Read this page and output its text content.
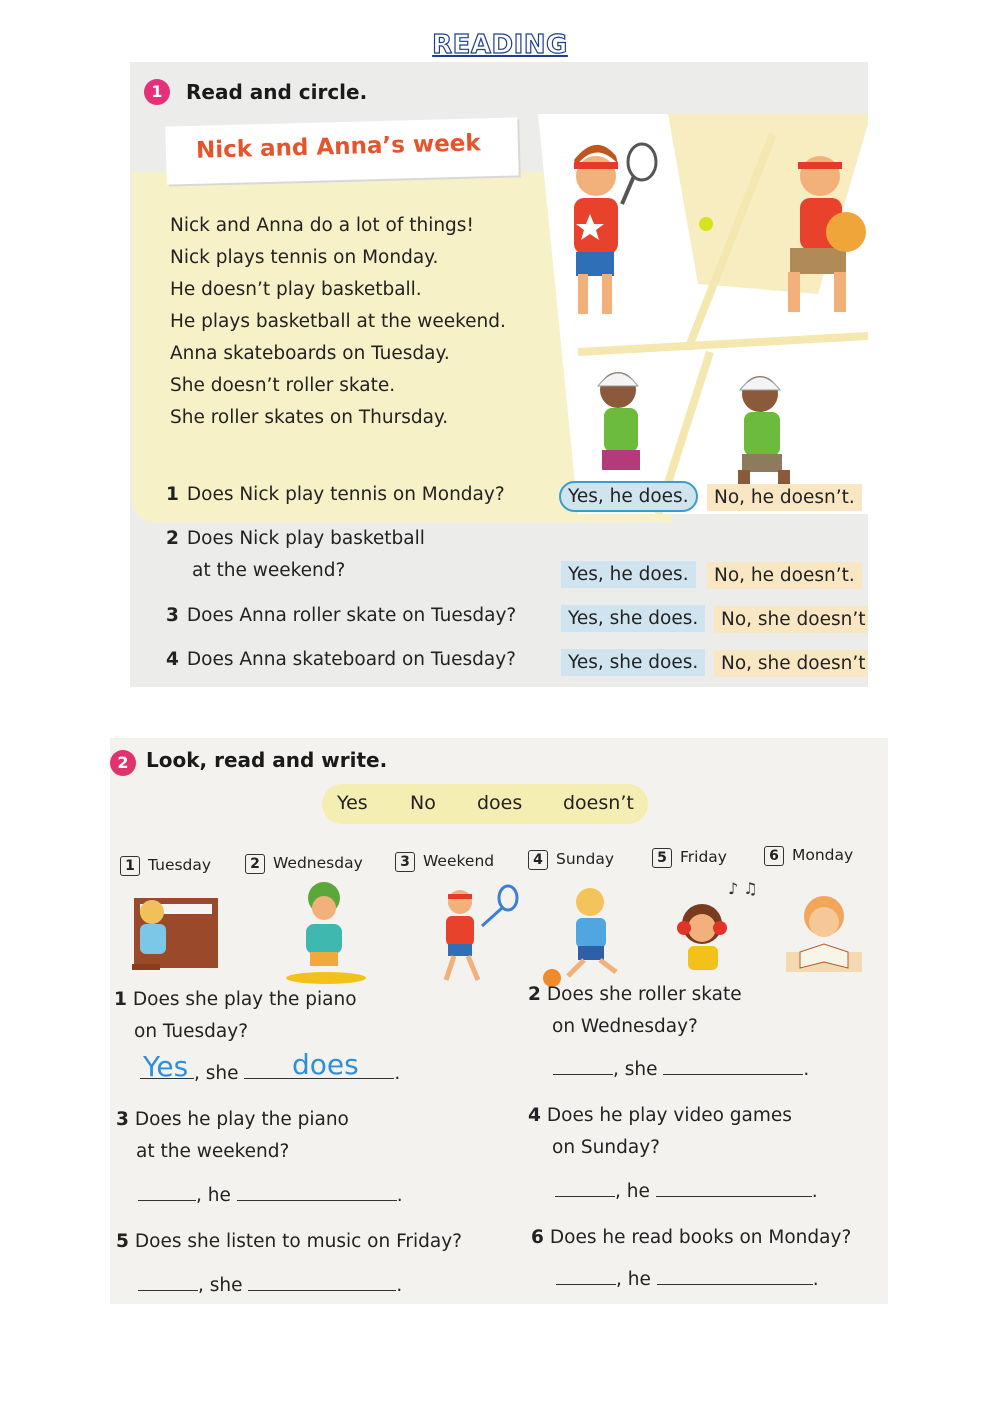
READING
1	Read and circle.
Nick and Anna’s week
Nick and Anna do a lot of things!
Nick plays tennis on Monday.
He doesn’t play basketball.
He plays basketball at the weekend.
Anna skateboards on Tuesday.
She doesn’t roller skate.
She roller skates on Thursday.
1 Does Nick play tennis on Monday?	Yes, he does.	No, he doesn’t.
2 Does Nick play basketball
at the weekend?	Yes, he does.	No, he doesn’t.
3 Does Anna roller skate on Tuesday?	Yes, she does.	No, she doesn’t
4 Does Anna skateboard on Tuesday?	Yes, she does.	No, she doesn’t
2 Look, read and write.
Yes No does doesn’t
1 Tuesday	2 Wednesday	3 Weekend	4 Sunday	5 Friday	6 Monday
♪ ♫
1 Does she play the piano
on Tuesday?
, she	.
Yes	does
2 Does she roller skate
on Wednesday?
, she	.
3 Does he play the piano
at the weekend?
, he	.
4 Does he play video games
on Sunday?
, he	.
5 Does she listen to music on Friday?
, she	.
6 Does he read books on Monday?
, he	.
